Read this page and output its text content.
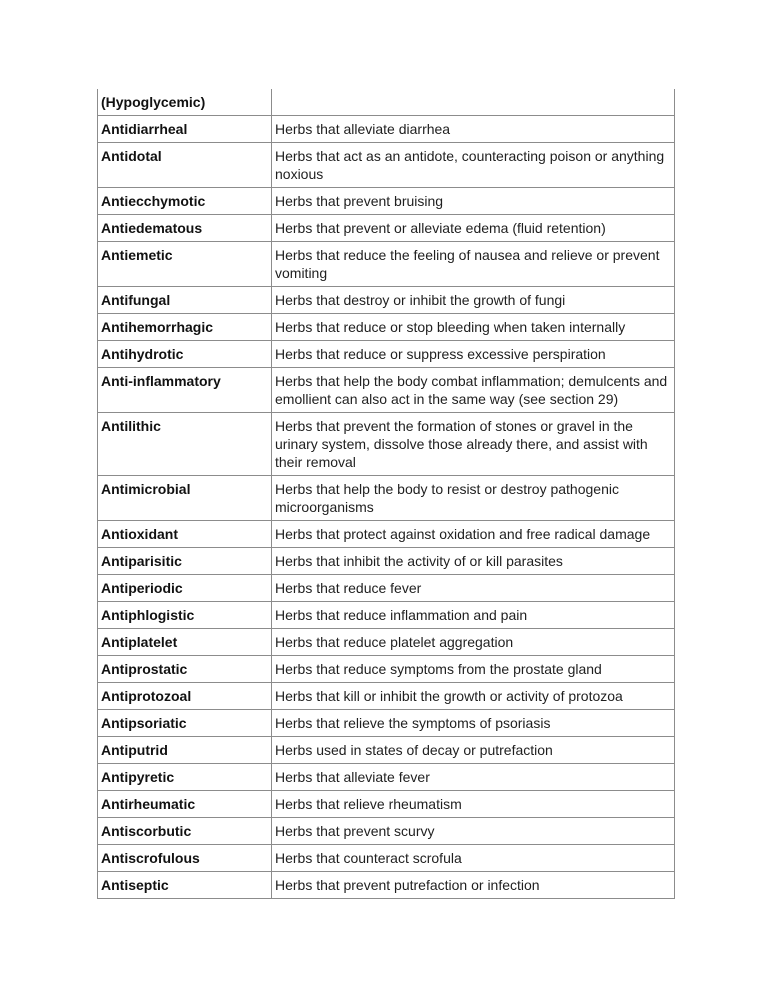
(Hypoglycemic)	
Antidiarrheal	Herbs that alleviate diarrhea
Antidotal	Herbs that act as an antidote, counteracting poison or anything noxious
Antiecchymotic	Herbs that prevent bruising
Antiedematous	Herbs that prevent or alleviate edema (fluid retention)
Antiemetic	Herbs that reduce the feeling of nausea and relieve or prevent vomiting
Antifungal	Herbs that destroy or inhibit the growth of fungi
Antihemorrhagic	Herbs that reduce or stop bleeding when taken internally
Antihydrotic	Herbs that reduce or suppress excessive perspiration
Anti-inflammatory	Herbs that help the body combat inflammation; demulcents and emollient can also act in the same way (see section 29)
Antilithic	Herbs that prevent the formation of stones or gravel in the urinary system, dissolve those already there, and assist with their removal
Antimicrobial	Herbs that help the body to resist or destroy pathogenic microorganisms
Antioxidant	Herbs that protect against oxidation and free radical damage
Antiparisitic	Herbs that inhibit the activity of or kill parasites
Antiperiodic	Herbs that reduce fever
Antiphlogistic	Herbs that reduce inflammation and pain
Antiplatelet	Herbs that reduce platelet aggregation
Antiprostatic	Herbs that reduce symptoms from the prostate gland
Antiprotozoal	Herbs that kill or inhibit the growth or activity of protozoa
Antipsoriatic	Herbs that relieve the symptoms of psoriasis
Antiputrid	Herbs used in states of decay or putrefaction
Antipyretic	Herbs that alleviate fever
Antirheumatic	Herbs that relieve rheumatism
Antiscorbutic	Herbs that prevent scurvy
Antiscrofulous	Herbs that counteract scrofula
Antiseptic	Herbs that prevent putrefaction or infection
